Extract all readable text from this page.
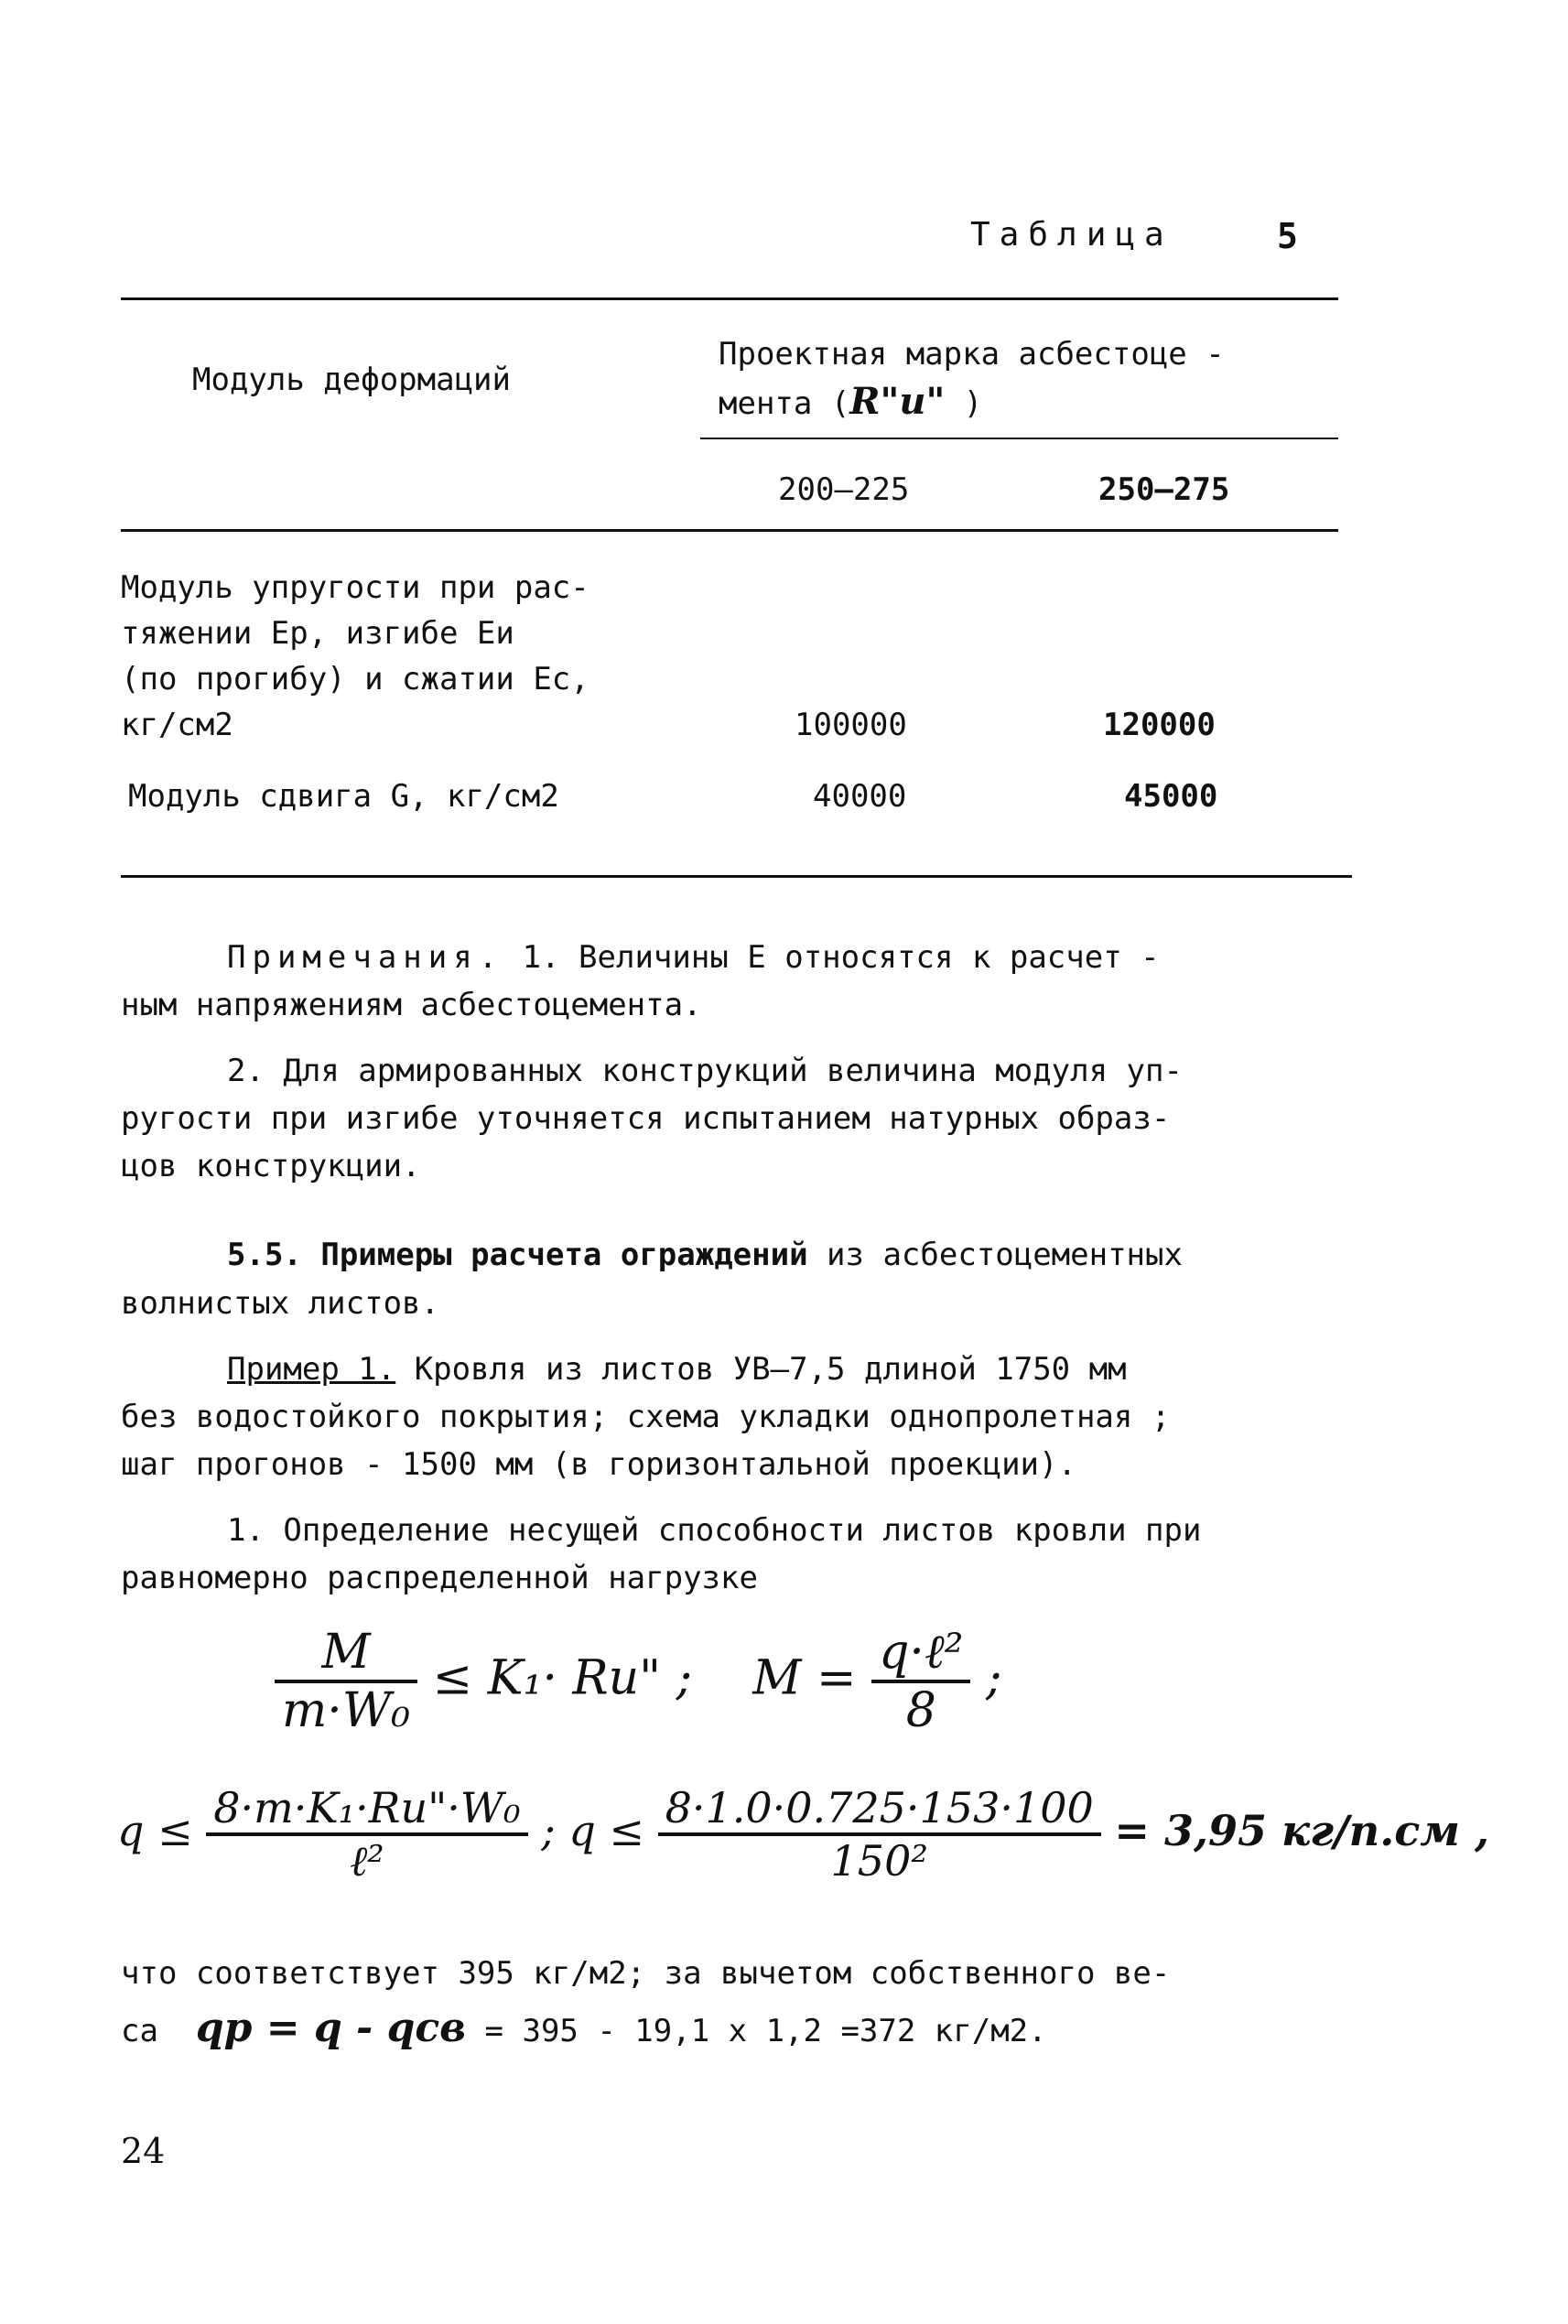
Таблица	5
Модуль деформаций
Проектная марка асбестоце -
мента (R"и" )
200–225	250–275
Модуль упругости при рас-
тяжении Eр, изгибе Eи
(по прогибу) и сжатии Eс,
кг/см2	100000	120000
Модуль сдвига G, кг/см2	40000	45000
Примечания. 1. Величины E относятся к расчет -
ным напряжениям асбестоцемента.
2. Для армированных конструкций величина модуля уп-
ругости при изгибе уточняется испытанием натурных образ-
цов конструкции.
5.5. Примеры расчета ограждений из асбестоцементных
волнистых листов.
Пример 1. Кровля из листов УВ–7,5 длиной 1750 мм
без водостойкого покрытия; схема укладки однопролетная ;
шаг прогонов - 1500 мм (в горизонтальной проекции).
1. Определение несущей способности листов кровли при
равномерно распределенной нагрузке
$\frac{M}{\text{m·W₀}} \le K_1\cdot$ Rи" ; $M = \frac{\text{q·ℓ²}}{8}$ ;
$q \le \frac{\text{8·m·K₁·Rи"·W₀}}{\text{ℓ²}}$ ; $q \le \frac{8\cdot 1.0\cdot 0.725\cdot 153\cdot 100}{\text{150²}} = 3,95$ кг/п.см ,
что соответствует 395 кг/м2; за вычетом собственного ве-
са qр = q - qсв = 395 - 19,1 x 1,2 =372 кг/м2.
24
